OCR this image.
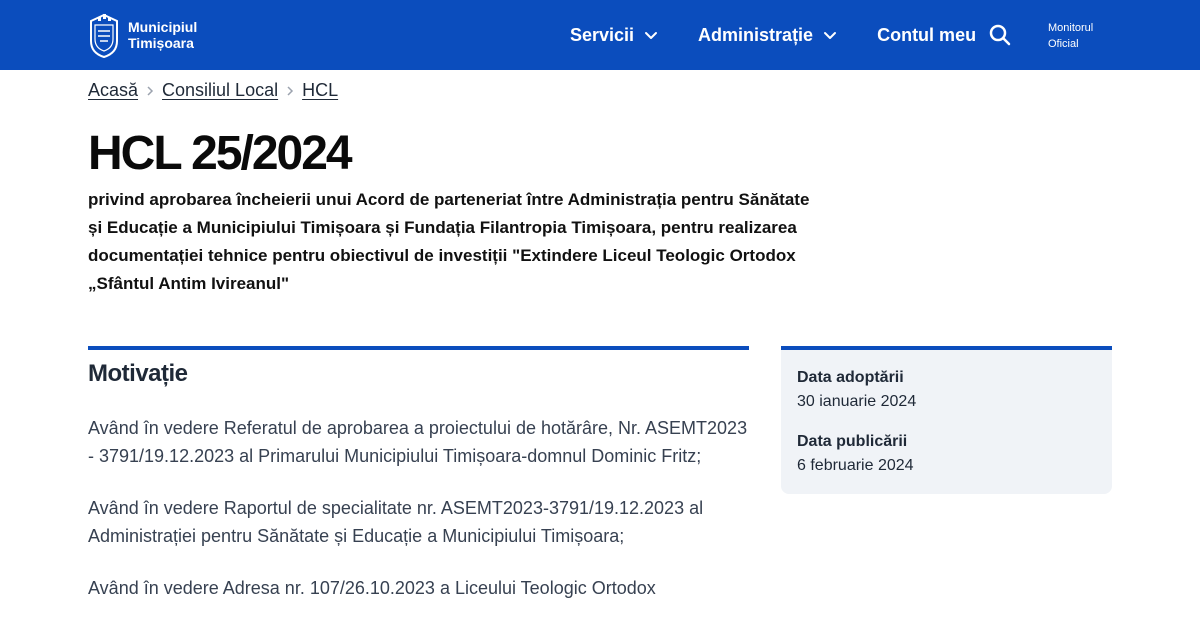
Municipiul
Timișoara	Servicii	Administrație	Contul meu	Monitorul
Oficial
Acasă Consiliul Local HCL
HCL 25/2024

privind aprobarea încheierii unui Acord de parteneriat între Administrația pentru Sănătate și Educație a Municipiului Timișoara și Fundația Filantropia Timișoara, pentru realizarea documentației tehnice pentru obiectivul de investiții "Extindere Liceul Teologic Ortodox „Sfântul Antim Ivireanul"

Motivație

Având în vedere Referatul de aprobarea a proiectului de hotărâre, Nr. ASEMT2023 - 3791/19.12.2023 al Primarului Municipiului Timișoara-domnul Dominic Fritz;

Având în vedere Raportul de specialitate nr. ASEMT2023-3791/19.12.2023 al Administrației pentru Sănătate și Educație a Municipiului Timișoara;

Având în vedere Adresa nr. 107/26.10.2023 a Liceului Teologic Ortodox

Data adoptării
30 ianuarie 2024
Data publicării
6 februarie 2024
